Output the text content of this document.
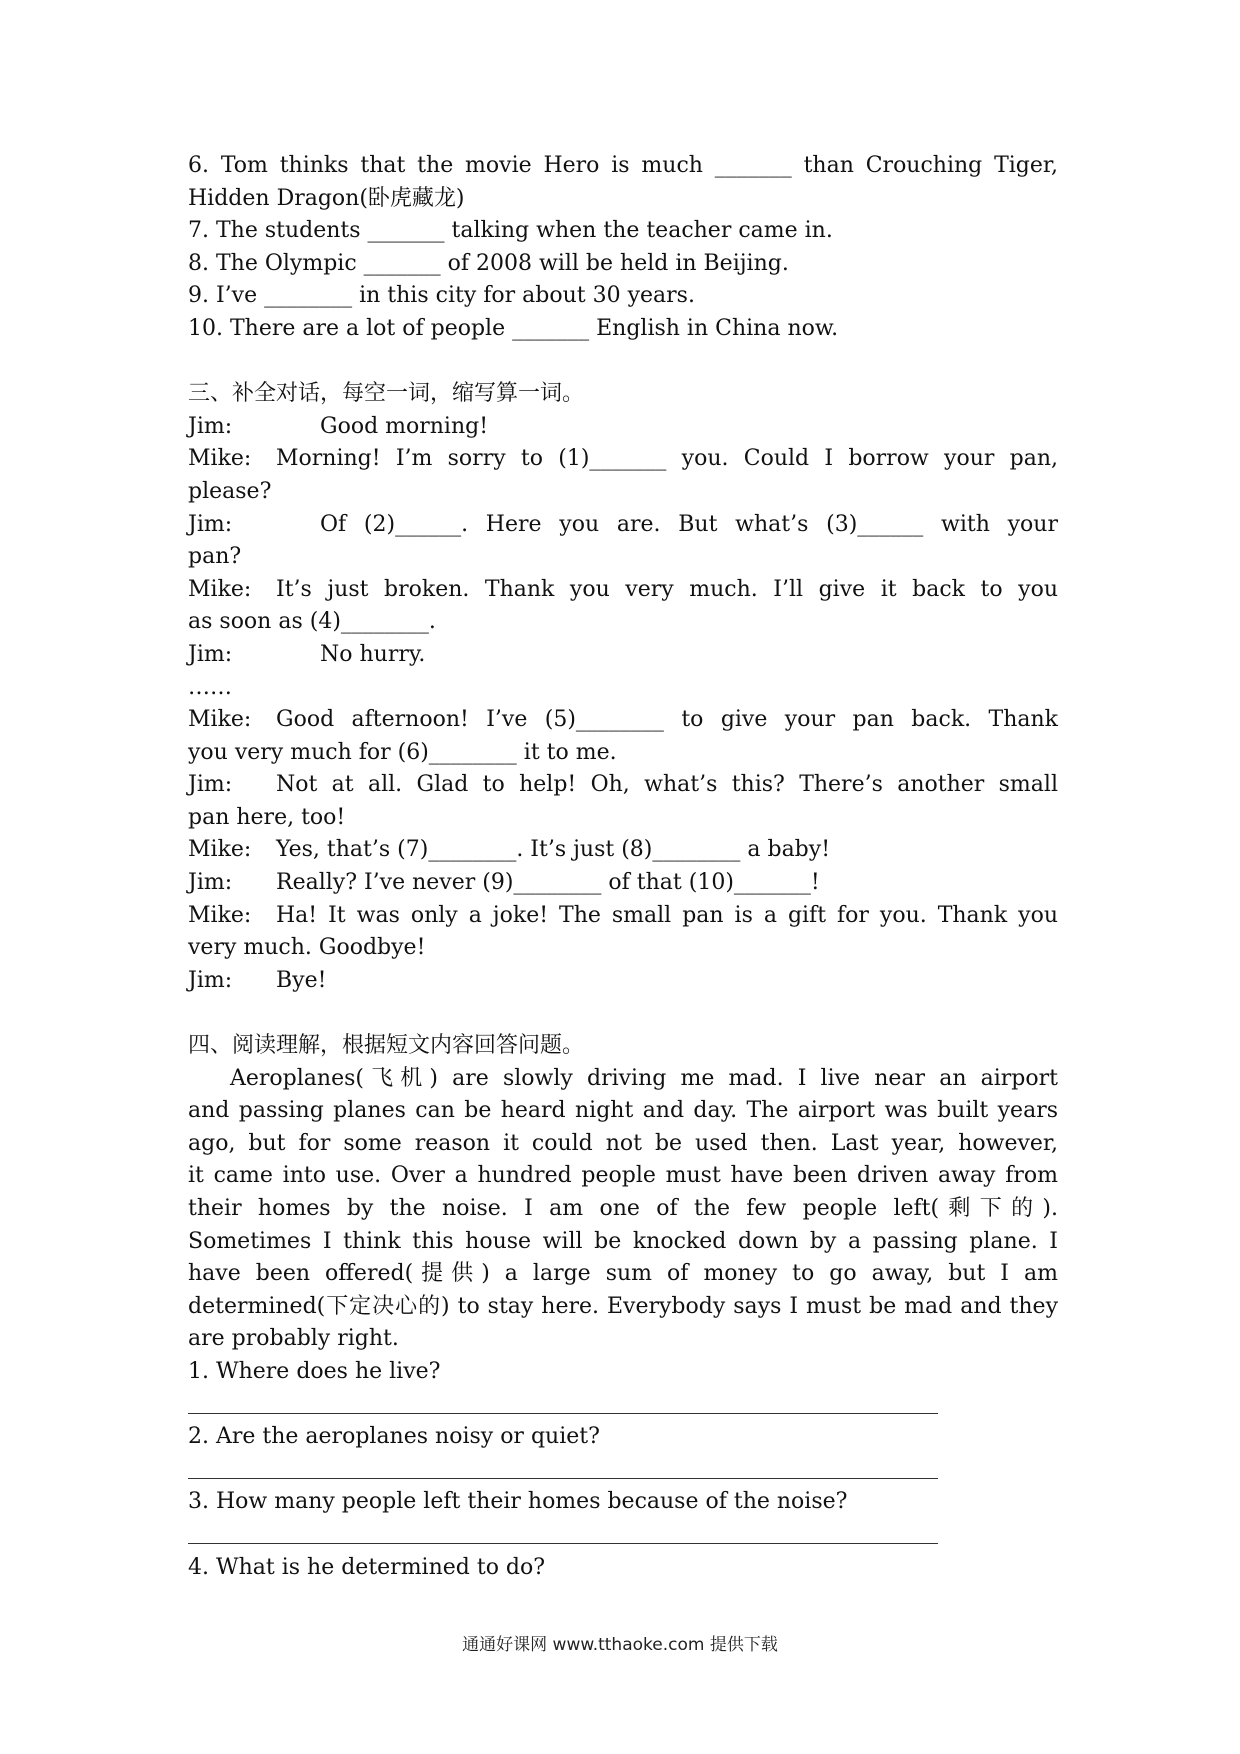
6. Tom thinks that the movie Hero is much _______ than Crouching Tiger,

Hidden Dragon(卧虎藏龙)

7. The students _______ talking when the teacher came in.

8. The Olympic _______ of 2008 will be held in Beijing.

9. I’ve ________ in this city for about 30 years.

10. There are a lot of people _______ English in China now.

三、补全对话，每空一词，缩写算一词。

Jim:	Good morning!
Mike:	Morning! I’m sorry to (1)_______ you. Could I borrow your pan,

please?

Jim:	Of (2)______. Here you are. But what’s (3)______ with your

pan?

Mike:	It’s just broken. Thank you very much. I’ll give it back to you

as soon as (4)________.

Jim:	No hurry.

……

Mike:	Good afternoon! I’ve (5)________ to give your pan back. Thank

you very much for (6)________ it to me.

Jim:	Not at all. Glad to help! Oh, what’s this? There’s another small

pan here, too!

Mike:	Yes, that’s (7)________. It’s just (8)________ a baby!
Jim:	Really? I’ve never (9)________ of that (10)_______!
Mike:	Ha! It was only a joke! The small pan is a gift for you. Thank you

very much. Goodbye!

Jim:	Bye!

四、阅读理解，根据短文内容回答问题。

Aeroplanes(飞机) are slowly driving me mad. I live near an airport

and passing planes can be heard night and day. The airport was built years

ago, but for some reason it could not be used then. Last year, however,

it came into use. Over a hundred people must have been driven away from

their homes by the noise. I am one of the few people left(剩下的).

Sometimes I think this house will be knocked down by a passing plane. I

have been offered(提供) a large sum of money to go away, but I am

determined(下定决心的) to stay here. Everybody says I must be mad and they

are probably right.

1. Where does he live?

2. Are the aeroplanes noisy or quiet?

3. How many people left their homes because of the noise?

4. What is he determined to do?

通通好课网 www.tthaoke.com 提供下载
